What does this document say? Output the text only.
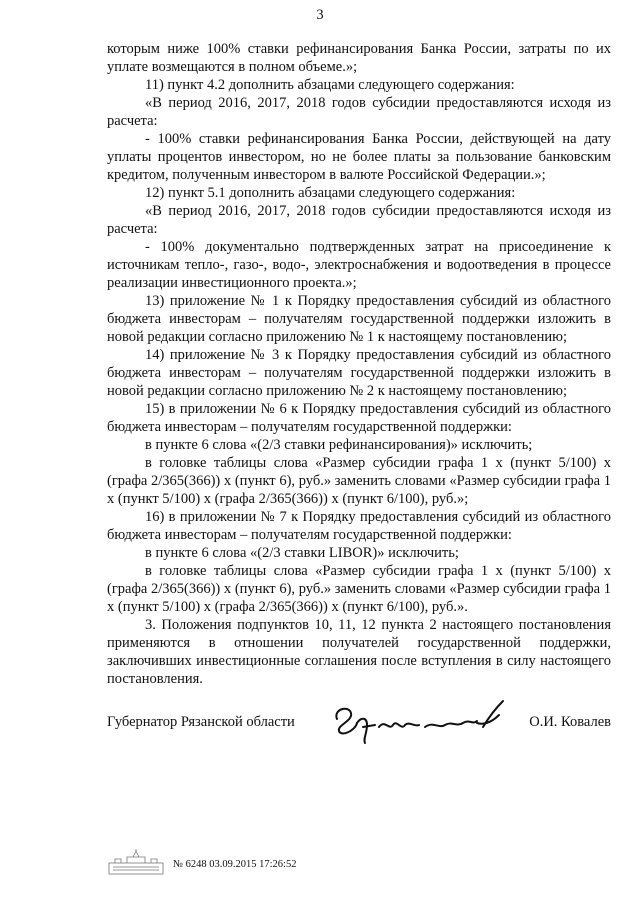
3

которым ниже 100% ставки рефинансирования Банка России, затраты по их уплате возмещаются в полном объеме.»;

11) пункт 4.2 дополнить абзацами следующего содержания:

«В период 2016, 2017, 2018 годов субсидии предоставляются исходя из расчета:

- 100% ставки рефинансирования Банка России, действующей на дату уплаты процентов инвестором, но не более платы за пользование банковским кредитом, полученным инвестором в валюте Российской Федерации.»;

12) пункт 5.1 дополнить абзацами следующего содержания:

«В период 2016, 2017, 2018 годов субсидии предоставляются исходя из расчета:

- 100% документально подтвержденных затрат на присоединение к источникам тепло-, газо-, водо-, электроснабжения и водоотведения в процессе реализации инвестиционного проекта.»;

13) приложение № 1 к Порядку предоставления субсидий из областного бюджета инвесторам – получателям государственной поддержки изложить в новой редакции согласно приложению № 1 к настоящему постановлению;

14) приложение № 3 к Порядку предоставления субсидий из областного бюджета инвесторам – получателям государственной поддержки изложить в новой редакции согласно приложению № 2 к настоящему постановлению;

15) в приложении № 6 к Порядку предоставления субсидий из областного бюджета инвесторам – получателям государственной поддержки:

в пункте 6 слова «(2/3 ставки рефинансирования)» исключить;

в головке таблицы слова «Размер субсидии графа 1 х (пункт 5/100) х (графа 2/365(366)) х (пункт 6), руб.» заменить словами «Размер субсидии графа 1 х (пункт 5/100) х (графа 2/365(366)) х (пункт 6/100), руб.»;

16) в приложении № 7 к Порядку предоставления субсидий из областного бюджета инвесторам – получателям государственной поддержки:

в пункте 6 слова «(2/3 ставки LIBOR)» исключить;

в головке таблицы слова «Размер субсидии графа 1 х (пункт 5/100) х (графа 2/365(366)) х (пункт 6), руб.» заменить словами «Размер субсидии графа 1 х (пункт 5/100) х (графа 2/365(366)) х (пункт 6/100), руб.».

3. Положения подпунктов 10, 11, 12 пункта 2 настоящего постановления применяются в отношении получателей государственной поддержки, заключивших инвестиционные соглашения после вступления в силу настоящего постановления.

Губернатор Рязанской области	О.И. Ковалев
№ 6248 03.09.2015 17:26:52
